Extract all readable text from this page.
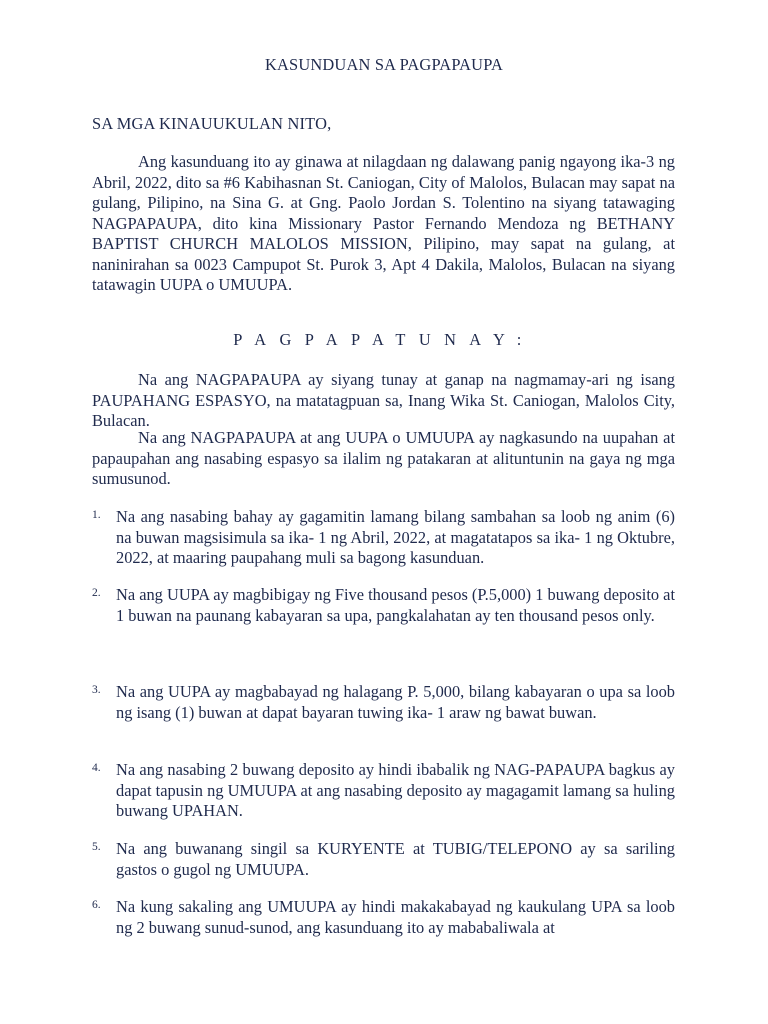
KASUNDUAN SA PAGPAPAUPA
SA MGA KINAUUKULAN NITO,

Ang kasunduang ito ay ginawa at nilagdaan ng dalawang panig ngayong ika-3 ng Abril, 2022, dito sa #6 Kabihasnan St. Caniogan, City of Malolos, Bulacan may sapat na gulang, Pilipino, na Sina G. at Gng. Paolo Jordan S. Tolentino na siyang tatawaging NAGPAPAUPA, dito kina Missionary Pastor Fernando Mendoza ng BETHANY BAPTIST CHURCH MALOLOS MISSION, Pilipino, may sapat na gulang, at naninirahan sa 0023 Campupot St. Purok 3, Apt 4 Dakila, Malolos, Bulacan na siyang tatawagin UUPA o UMUUPA.

PAGPAPATUNAY:

Na ang NAGPAPAUPA ay siyang tunay at ganap na nagmamay-ari ng isang PAUPAHANG ESPASYO, na matatagpuan sa, Inang Wika St. Caniogan, Malolos City, Bulacan.

Na ang NAGPAPAUPA at ang UUPA o UMUUPA ay nagkasundo na uupahan at papaupahan ang nasabing espasyo sa ilalim ng patakaran at alituntunin na gaya ng mga sumusunod.

1. Na ang nasabing bahay ay gagamitin lamang bilang sambahan sa loob ng anim (6) na buwan magsisimula sa ika- 1 ng Abril, 2022, at magatatapos sa ika- 1 ng Oktubre, 2022, at maaring paupahang muli sa bagong kasunduan.
2. Na ang UUPA ay magbibigay ng Five thousand pesos (P.5,000) 1 buwang deposito at 1 buwan na paunang kabayaran sa upa, pangkalahatan ay ten thousand pesos only.
3. Na ang UUPA ay magbabayad ng halagang P. 5,000, bilang kabayaran o upa sa loob ng isang (1) buwan at dapat bayaran tuwing ika- 1 araw ng bawat buwan.
4. Na ang nasabing 2 buwang deposito ay hindi ibabalik ng NAG-PAPAUPA bagkus ay dapat tapusin ng UMUUPA at ang nasabing deposito ay magagamit lamang sa huling buwang UPAHAN.
5. Na ang buwanang singil sa KURYENTE at TUBIG/TELEPONO ay sa sariling gastos o gugol ng UMUUPA.
6. Na kung sakaling ang UMUUPA ay hindi makakabayad ng kaukulang UPA sa loob ng 2 buwang sunud-sunod, ang kasunduang ito ay mababaliwala at
